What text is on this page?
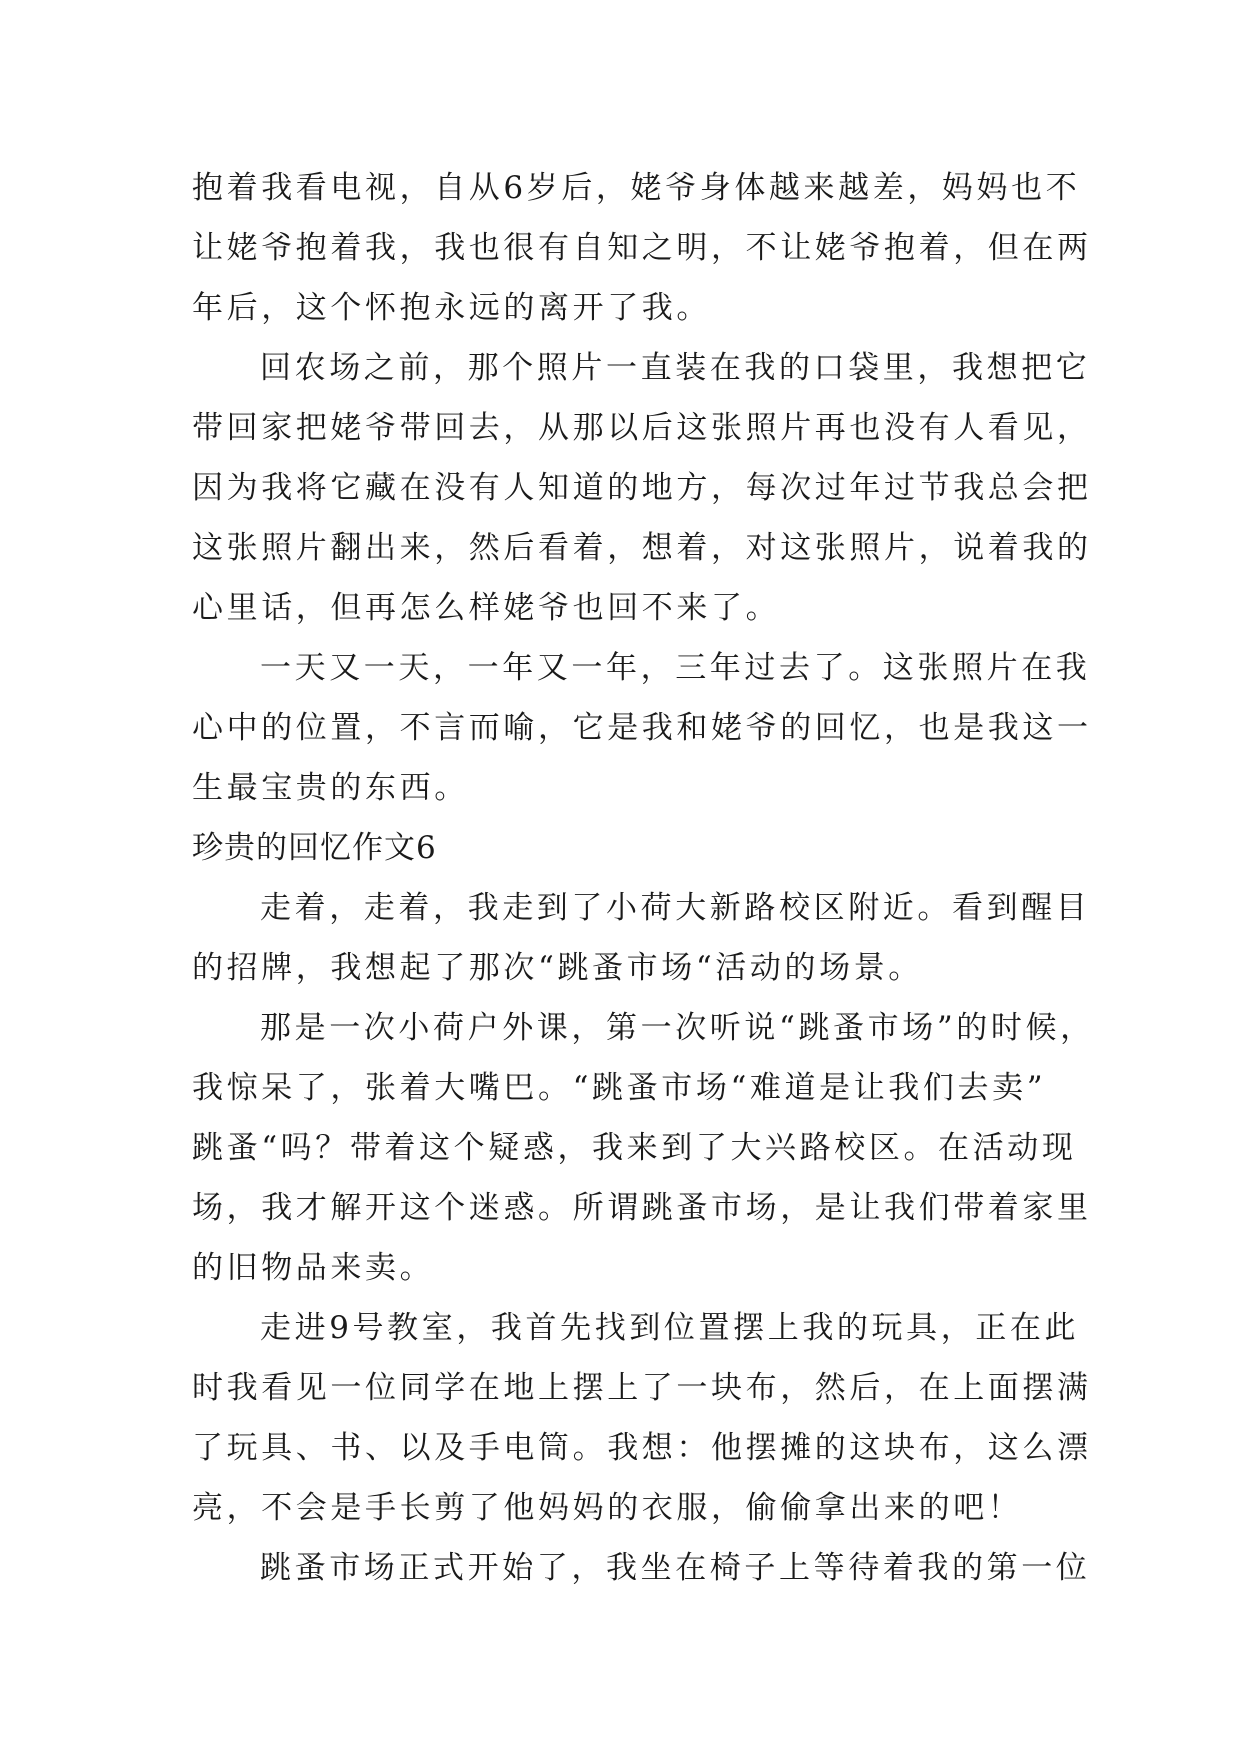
抱着我看电视，自从6岁后，姥爷身体越来越差，妈妈也不
让姥爷抱着我，我也很有自知之明，不让姥爷抱着，但在两
年后，这个怀抱永远的离开了我。
回农场之前，那个照片一直装在我的口袋里，我想把它
带回家把姥爷带回去，从那以后这张照片再也没有人看见，
因为我将它藏在没有人知道的地方，每次过年过节我总会把
这张照片翻出来，然后看着，想着，对这张照片，说着我的
心里话，但再怎么样姥爷也回不来了。
一天又一天，一年又一年，三年过去了。这张照片在我
心中的位置，不言而喻，它是我和姥爷的回忆，也是我这一
生最宝贵的东西。
珍贵的回忆作文6
走着，走着，我走到了小荷大新路校区附近。看到醒目
的招牌，我想起了那次“跳蚤市场“活动的场景。
那是一次小荷户外课，第一次听说“跳蚤市场”的时候，
我惊呆了，张着大嘴巴。“跳蚤市场“难道是让我们去卖”
跳蚤“吗？带着这个疑惑，我来到了大兴路校区。在活动现
场，我才解开这个迷惑。所谓跳蚤市场，是让我们带着家里
的旧物品来卖。
走进9号教室，我首先找到位置摆上我的玩具，正在此
时我看见一位同学在地上摆上了一块布，然后，在上面摆满
了玩具、书、以及手电筒。我想：他摆摊的这块布，这么漂
亮，不会是手长剪了他妈妈的衣服，偷偷拿出来的吧！
跳蚤市场正式开始了，我坐在椅子上等待着我的第一位
